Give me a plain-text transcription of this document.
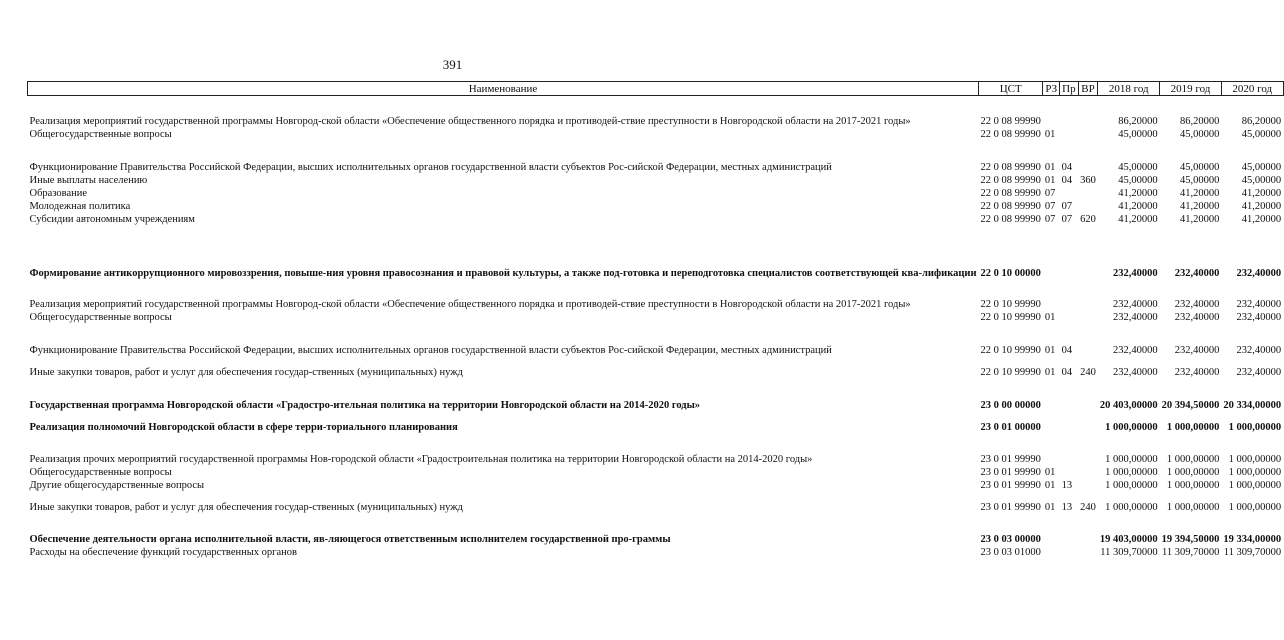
391
Наименование	ЦСТ	РЗ	Пр	ВР	2018 год	2019 год	2020 год
Реализация мероприятий государственной программы Новгород-ской области «Обеспечение общественного порядка и противодей-ствие преступности в Новгородской области на 2017-2021 годы»	22 0 08 99990				86,20000	86,20000	86,20000
Общегосударственные вопросы	22 0 08 99990	01			45,00000	45,00000	45,00000
Функционирование Правительства Российской Федерации, высших исполнительных органов государственной власти субъектов Рос-сийской Федерации, местных администраций	22 0 08 99990	01	04		45,00000	45,00000	45,00000
Иные выплаты населению	22 0 08 99990	01	04	360	45,00000	45,00000	45,00000
Образование	22 0 08 99990	07			41,20000	41,20000	41,20000
Молодежная политика	22 0 08 99990	07	07		41,20000	41,20000	41,20000
Субсидии автономным учреждениям	22 0 08 99990	07	07	620	41,20000	41,20000	41,20000
Формирование антикоррупционного мировоззрения, повыше-ния уровня правосознания и правовой культуры, а также под-готовка и переподготовка специалистов соответствующей ква-лификации	22 0 10 00000				232,40000	232,40000	232,40000
Реализация мероприятий государственной программы Новгород-ской области «Обеспечение общественного порядка и противодей-ствие преступности в Новгородской области на 2017-2021 годы»	22 0 10 99990				232,40000	232,40000	232,40000
Общегосударственные вопросы	22 0 10 99990	01			232,40000	232,40000	232,40000
Функционирование Правительства Российской Федерации, высших исполнительных органов государственной власти субъектов Рос-сийской Федерации, местных администраций	22 0 10 99990	01	04		232,40000	232,40000	232,40000
Иные закупки товаров, работ и услуг для обеспечения государ-ственных (муниципальных) нужд	22 0 10 99990	01	04	240	232,40000	232,40000	232,40000
Государственная программа Новгородской области «Градостро-ительная политика на территории Новгородской области на 2014-2020 годы»	23 0 00 00000				20 403,00000	20 394,50000	20 334,00000
Реализация полномочий Новгородской области в сфере терри-ториального планирования	23 0 01 00000				1 000,00000	1 000,00000	1 000,00000
Реализация прочих мероприятий государственной программы Нов-городской области «Градостроительная политика на территории Новгородской области на 2014-2020 годы»	23 0 01 99990				1 000,00000	1 000,00000	1 000,00000
Общегосударственные вопросы	23 0 01 99990	01			1 000,00000	1 000,00000	1 000,00000
Другие общегосударственные вопросы	23 0 01 99990	01	13		1 000,00000	1 000,00000	1 000,00000
Иные закупки товаров, работ и услуг для обеспечения государ-ственных (муниципальных) нужд	23 0 01 99990	01	13	240	1 000,00000	1 000,00000	1 000,00000
Обеспечение деятельности органа исполнительной власти, яв-ляющегося ответственным исполнителем государственной про-граммы	23 0 03 00000				19 403,00000	19 394,50000	19 334,00000
Расходы на обеспечение функций государственных органов	23 0 03 01000				11 309,70000	11 309,70000	11 309,70000
